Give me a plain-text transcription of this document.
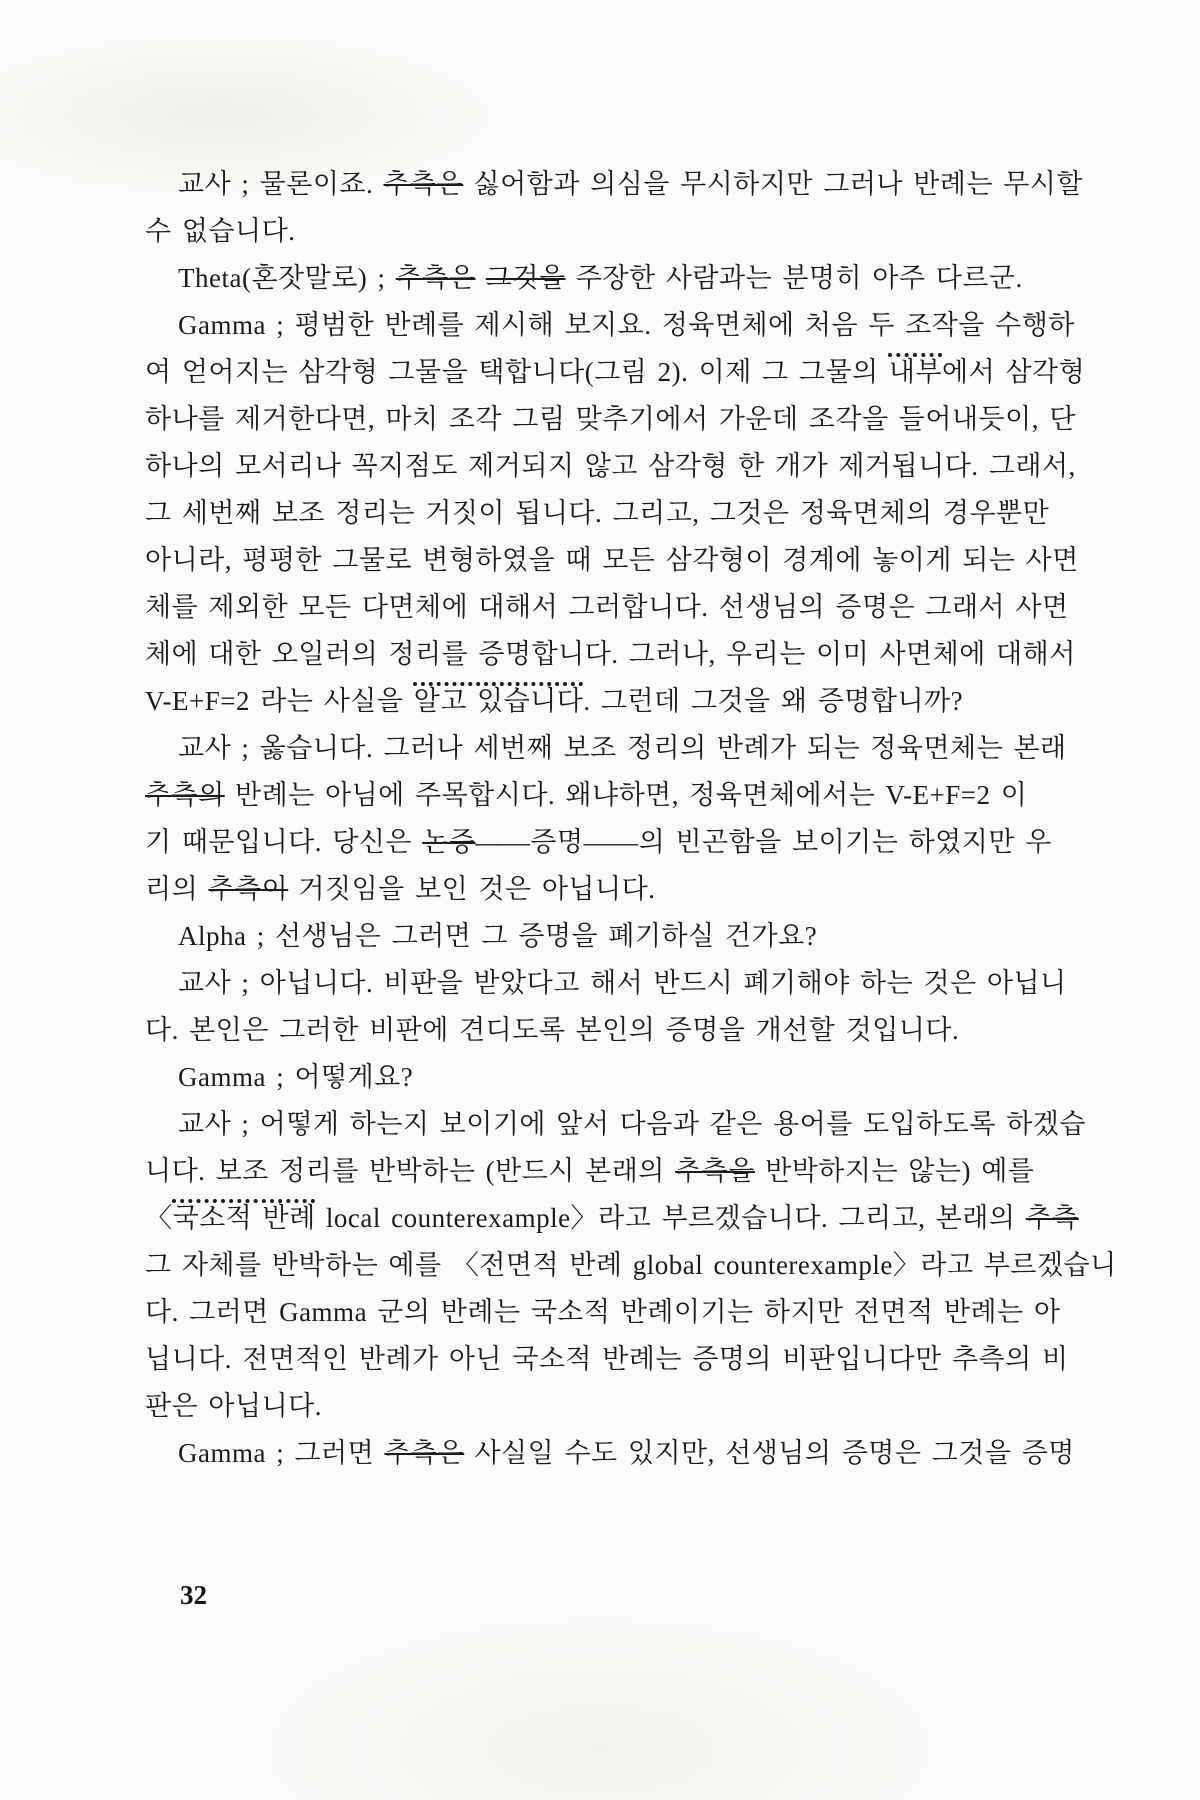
교사 ; 물론이죠. 추측은 싫어함과 의심을 무시하지만 그러나 반례는 무시할
수 없습니다.
Theta(혼잣말로) ; 추측은 그것을 주장한 사람과는 분명히 아주 다르군.
Gamma ; 평범한 반례를 제시해 보지요. 정육면체에 처음 두 조작을 수행하
여 얻어지는 삼각형 그물을 택합니다(그림 2). 이제 그 그물의 내부에서 삼각형
하나를 제거한다면, 마치 조각 그림 맞추기에서 가운데 조각을 들어내듯이, 단
하나의 모서리나 꼭지점도 제거되지 않고 삼각형 한 개가 제거됩니다. 그래서,
그 세번째 보조 정리는 거짓이 됩니다. 그리고, 그것은 정육면체의 경우뿐만
아니라, 평평한 그물로 변형하였을 때 모든 삼각형이 경계에 놓이게 되는 사면
체를 제외한 모든 다면체에 대해서 그러합니다. 선생님의 증명은 그래서 사면
체에 대한 오일러의 정리를 증명합니다. 그러나, 우리는 이미 사면체에 대해서
V-E+F=2 라는 사실을 알고 있습니다. 그런데 그것을 왜 증명합니까?
교사 ; 옳습니다. 그러나 세번째 보조 정리의 반례가 되는 정육면체는 본래
추측의 반례는 아님에 주목합시다. 왜냐하면, 정육면체에서는 V-E+F=2 이
기 때문입니다. 당신은 논증——증명——의 빈곤함을 보이기는 하였지만 우
리의 추측이 거짓임을 보인 것은 아닙니다.
Alpha ; 선생님은 그러면 그 증명을 폐기하실 건가요?
교사 ; 아닙니다. 비판을 받았다고 해서 반드시 폐기해야 하는 것은 아닙니
다. 본인은 그러한 비판에 견디도록 본인의 증명을 개선할 것입니다.
Gamma ; 어떻게요?
교사 ; 어떻게 하는지 보이기에 앞서 다음과 같은 용어를 도입하도록 하겠습
니다. 보조 정리를 반박하는 (반드시 본래의 추측을 반박하지는 않는) 예를
〈국소적 반례 local counterexample〉라고 부르겠습니다. 그리고, 본래의 추측
그 자체를 반박하는 예를 〈전면적 반례 global counterexample〉라고 부르겠습니
다. 그러면 Gamma 군의 반례는 국소적 반례이기는 하지만 전면적 반례는 아
닙니다. 전면적인 반례가 아닌 국소적 반례는 증명의 비판입니다만 추측의 비
판은 아닙니다.
Gamma ; 그러면 추측은 사실일 수도 있지만, 선생님의 증명은 그것을 증명
32
